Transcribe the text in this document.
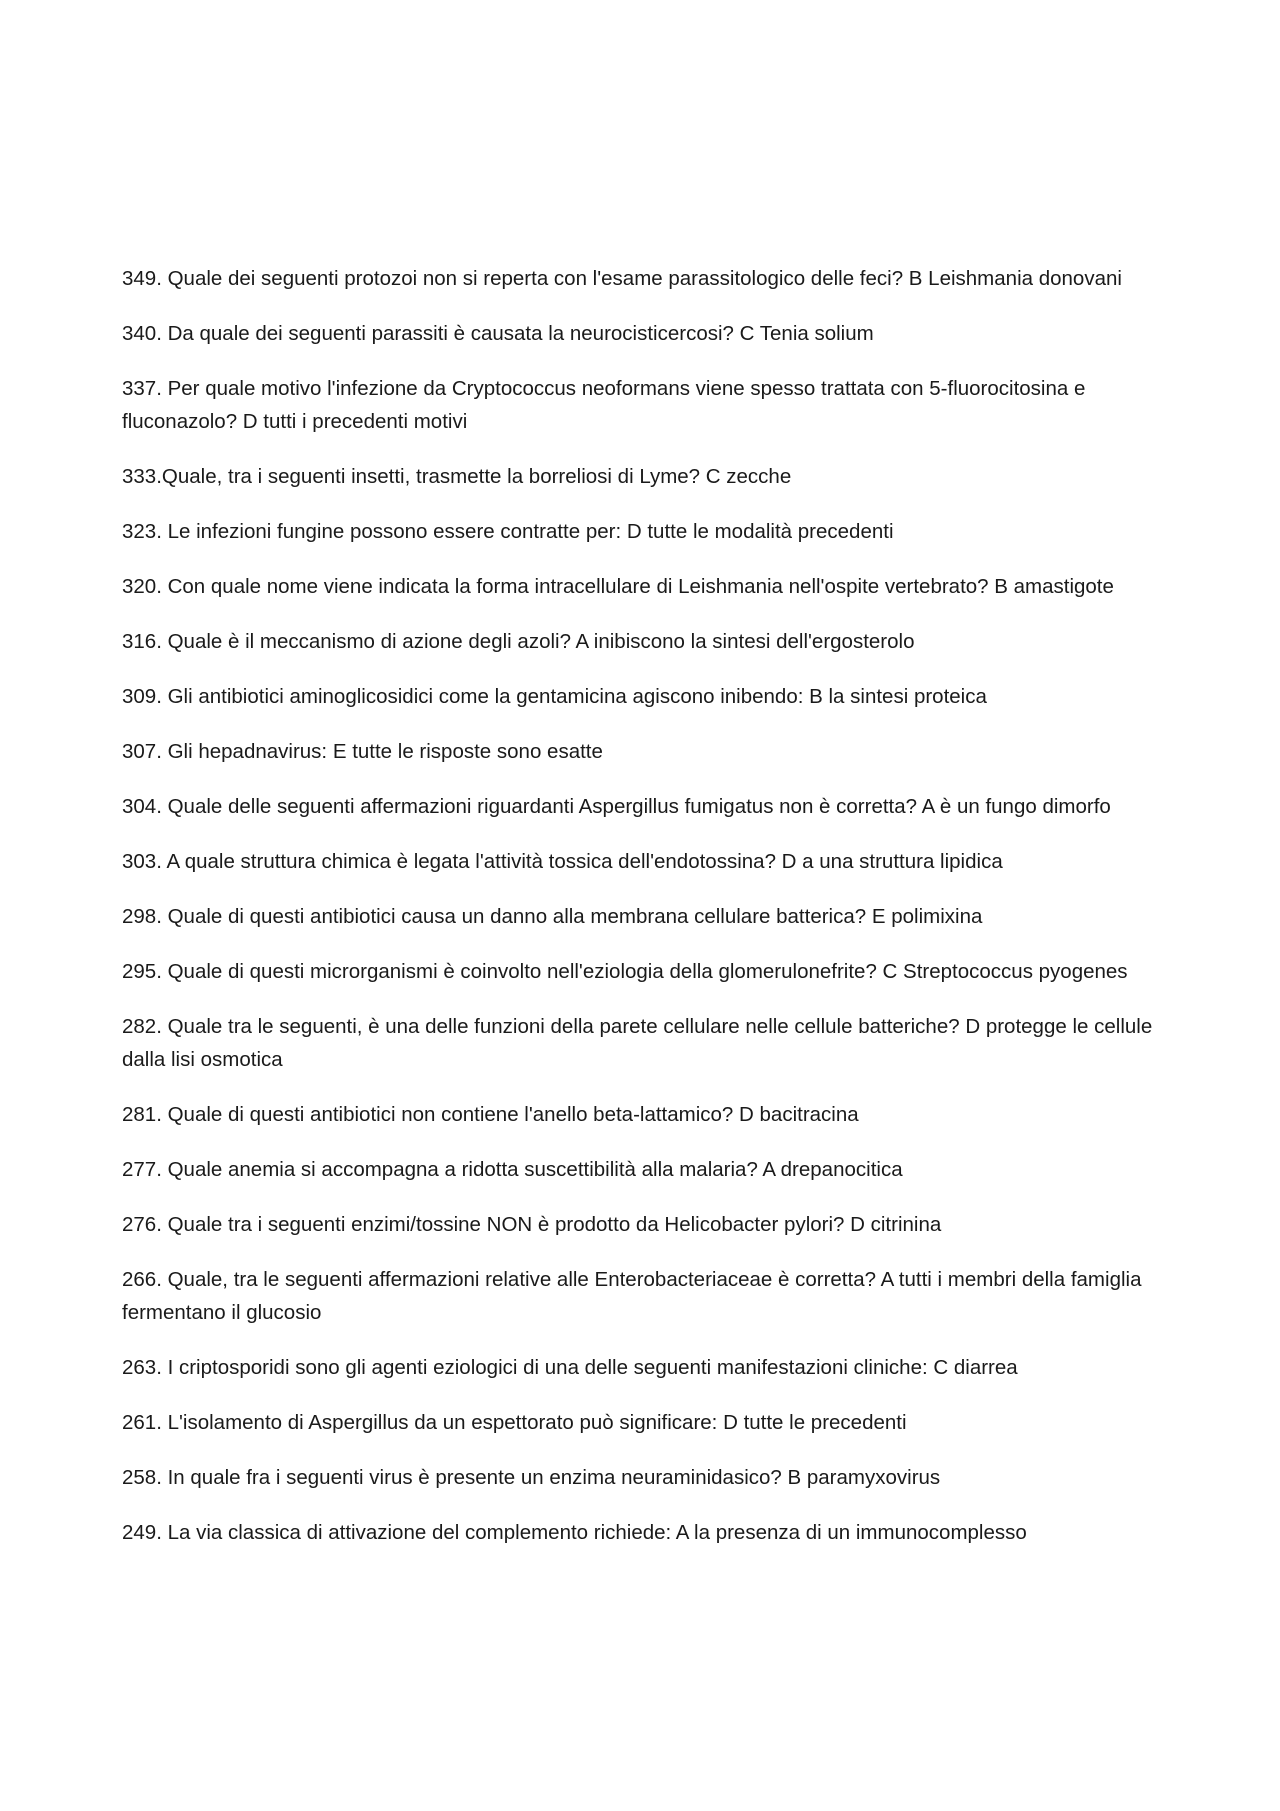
349. Quale dei seguenti protozoi non si reperta con l'esame parassitologico delle feci? B Leishmania donovani

340. Da quale dei seguenti parassiti è causata la neurocisticercosi? C Tenia solium

337. Per quale motivo l'infezione da Cryptococcus neoformans viene spesso trattata con 5-fluorocitosina e fluconazolo? D tutti i precedenti motivi

333.Quale, tra i seguenti insetti, trasmette la borreliosi di Lyme? C zecche

323. Le infezioni fungine possono essere contratte per: D tutte le modalità precedenti

320. Con quale nome viene indicata la forma intracellulare di Leishmania nell'ospite vertebrato? B amastigote

316. Quale è il meccanismo di azione degli azoli? A inibiscono la sintesi dell'ergosterolo

309. Gli antibiotici aminoglicosidici come la gentamicina agiscono inibendo: B la sintesi proteica

307. Gli hepadnavirus: E tutte le risposte sono esatte

304. Quale delle seguenti affermazioni riguardanti Aspergillus fumigatus non è corretta? A è un fungo dimorfo

303. A quale struttura chimica è legata l'attività tossica dell'endotossina? D a una struttura lipidica

298. Quale di questi antibiotici causa un danno alla membrana cellulare batterica? E polimixina

295. Quale di questi microrganismi è coinvolto nell'eziologia della glomerulonefrite? C Streptococcus pyogenes

282. Quale tra le seguenti, è una delle funzioni della parete cellulare nelle cellule batteriche? D protegge le cellule dalla lisi osmotica

281. Quale di questi antibiotici non contiene l'anello beta-lattamico? D bacitracina

277. Quale anemia si accompagna a ridotta suscettibilità alla malaria? A drepanocitica

276. Quale tra i seguenti enzimi/tossine NON è prodotto da Helicobacter pylori? D citrinina

266. Quale, tra le seguenti affermazioni relative alle Enterobacteriaceae è corretta? A tutti i membri della famiglia fermentano il glucosio

263. I criptosporidi sono gli agenti eziologici di una delle seguenti manifestazioni cliniche: C diarrea

261. L'isolamento di Aspergillus da un espettorato può significare: D tutte le precedenti

258. In quale fra i seguenti virus è presente un enzima neuraminidasico? B paramyxovirus

249. La via classica di attivazione del complemento richiede: A la presenza di un immunocomplesso
